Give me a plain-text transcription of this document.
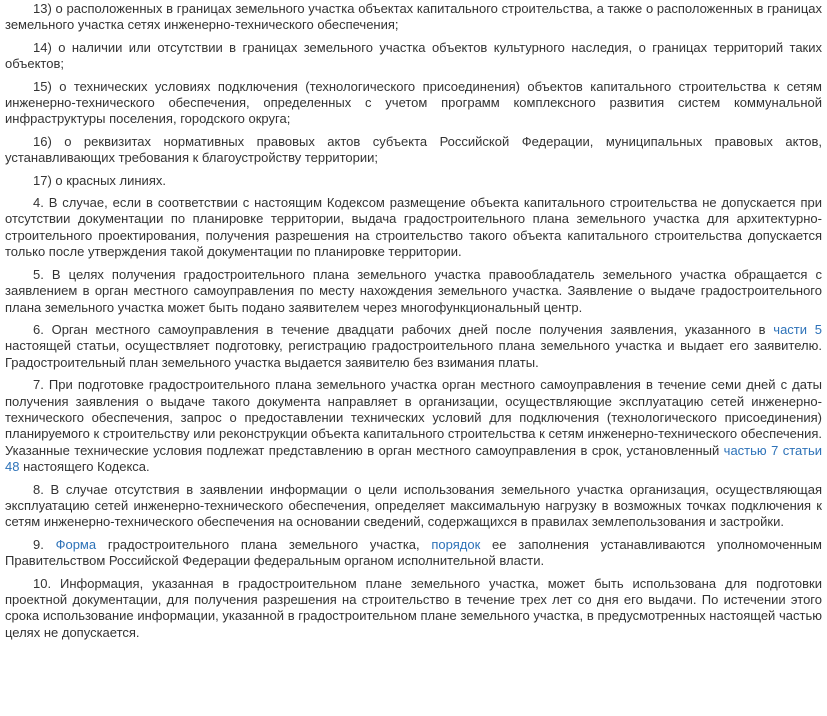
13) о расположенных в границах земельного участка объектах капитального строительства, а также о расположенных в границах земельного участка сетях инженерно-технического обеспечения;

14) о наличии или отсутствии в границах земельного участка объектов культурного наследия, о границах территорий таких объектов;

15) о технических условиях подключения (технологического присоединения) объектов капитального строительства к сетям инженерно-технического обеспечения, определенных с учетом программ комплексного развития систем коммунальной инфраструктуры поселения, городского округа;

16) о реквизитах нормативных правовых актов субъекта Российской Федерации, муниципальных правовых актов, устанавливающих требования к благоустройству территории;

17) о красных линиях.

4. В случае, если в соответствии с настоящим Кодексом размещение объекта капитального строительства не допускается при отсутствии документации по планировке территории, выдача градостроительного плана земельного участка для архитектурно-строительного проектирования, получения разрешения на строительство такого объекта капитального строительства допускается только после утверждения такой документации по планировке территории.

5. В целях получения градостроительного плана земельного участка правообладатель земельного участка обращается с заявлением в орган местного самоуправления по месту нахождения земельного участка. Заявление о выдаче градостроительного плана земельного участка может быть подано заявителем через многофункциональный центр.

6. Орган местного самоуправления в течение двадцати рабочих дней после получения заявления, указанного в части 5 настоящей статьи, осуществляет подготовку, регистрацию градостроительного плана земельного участка и выдает его заявителю. Градостроительный план земельного участка выдается заявителю без взимания платы.

7. При подготовке градостроительного плана земельного участка орган местного самоуправления в течение семи дней с даты получения заявления о выдаче такого документа направляет в организации, осуществляющие эксплуатацию сетей инженерно-технического обеспечения, запрос о предоставлении технических условий для подключения (технологического присоединения) планируемого к строительству или реконструкции объекта капитального строительства к сетям инженерно-технического обеспечения. Указанные технические условия подлежат представлению в орган местного самоуправления в срок, установленный частью 7 статьи 48 настоящего Кодекса.

8. В случае отсутствия в заявлении информации о цели использования земельного участка организация, осуществляющая эксплуатацию сетей инженерно-технического обеспечения, определяет максимальную нагрузку в возможных точках подключения к сетям инженерно-технического обеспечения на основании сведений, содержащихся в правилах землепользования и застройки.

9. Форма градостроительного плана земельного участка, порядок ее заполнения устанавливаются уполномоченным Правительством Российской Федерации федеральным органом исполнительной власти.

10. Информация, указанная в градостроительном плане земельного участка, может быть использована для подготовки проектной документации, для получения разрешения на строительство в течение трех лет со дня его выдачи. По истечении этого срока использование информации, указанной в градостроительном плане земельного участка, в предусмотренных настоящей частью целях не допускается.
